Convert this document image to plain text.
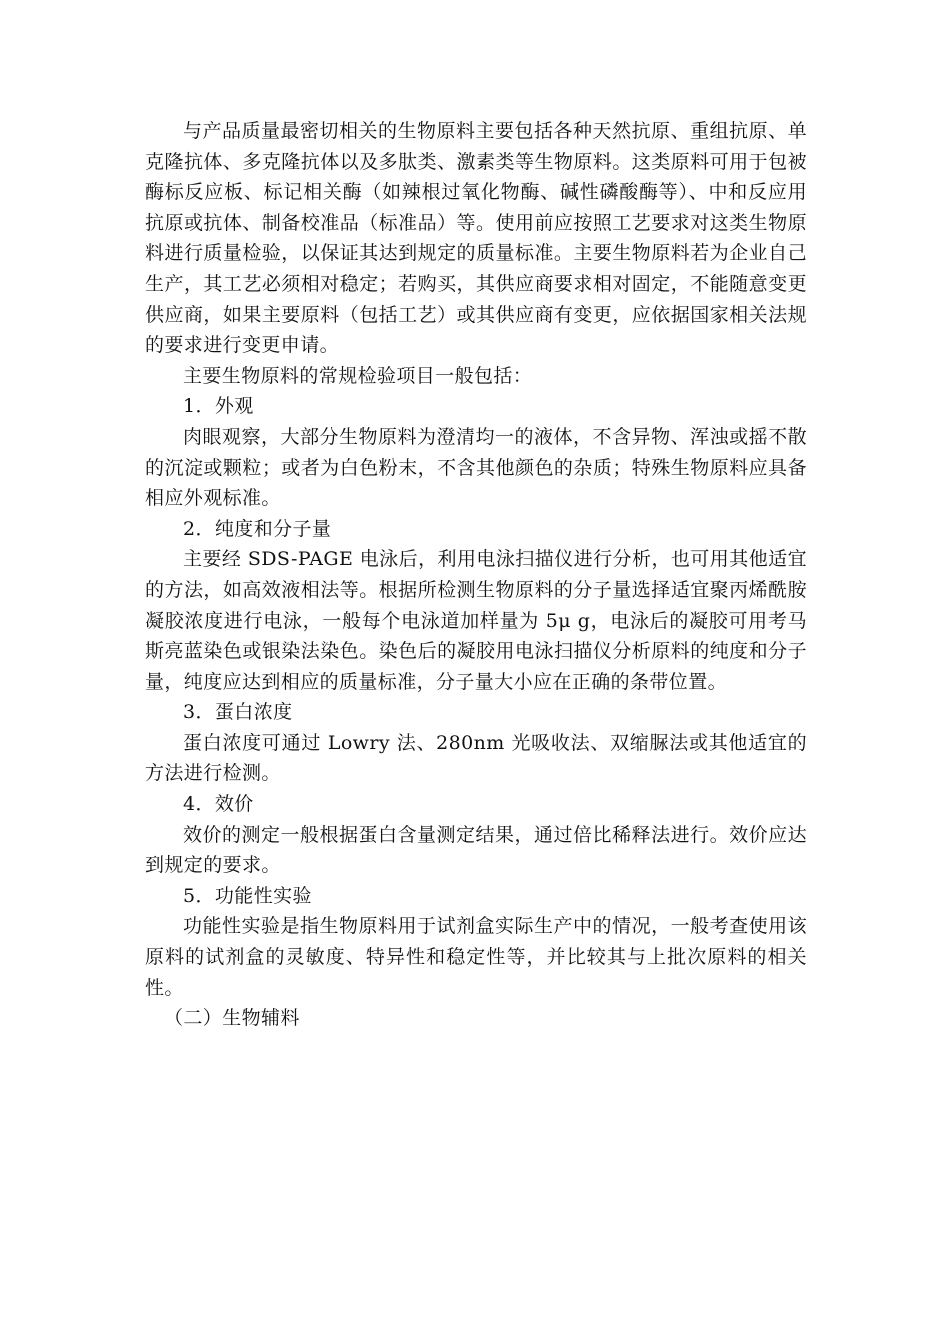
与产品质量最密切相关的生物原料主要包括各种天然抗原、重组抗原、单克隆抗体、多克隆抗体以及多肽类、激素类等生物原料。这类原料可用于包被酶标反应板、标记相关酶（如辣根过氧化物酶、碱性磷酸酶等）、中和反应用抗原或抗体、制备校准品（标准品）等。使用前应按照工艺要求对这类生物原料进行质量检验，以保证其达到规定的质量标准。主要生物原料若为企业自己生产，其工艺必须相对稳定；若购买，其供应商要求相对固定，不能随意变更供应商，如果主要原料（包括工艺）或其供应商有变更，应依据国家相关法规的要求进行变更申请。

主要生物原料的常规检验项目一般包括：

1．外观

肉眼观察，大部分生物原料为澄清均一的液体，不含异物、浑浊或摇不散的沉淀或颗粒；或者为白色粉末，不含其他颜色的杂质；特殊生物原料应具备相应外观标准。

2．纯度和分子量

主要经 SDS-PAGE 电泳后，利用电泳扫描仪进行分析，也可用其他适宜的方法，如高效液相法等。根据所检测生物原料的分子量选择适宜聚丙烯酰胺凝胶浓度进行电泳，一般每个电泳道加样量为 5μ g，电泳后的凝胶可用考马斯亮蓝染色或银染法染色。染色后的凝胶用电泳扫描仪分析原料的纯度和分子量，纯度应达到相应的质量标准，分子量大小应在正确的条带位置。

3．蛋白浓度

蛋白浓度可通过 Lowry 法、280nm 光吸收法、双缩脲法或其他适宜的方法进行检测。

4．效价

效价的测定一般根据蛋白含量测定结果，通过倍比稀释法进行。效价应达到规定的要求。

5．功能性实验

功能性实验是指生物原料用于试剂盒实际生产中的情况，一般考查使用该原料的试剂盒的灵敏度、特异性和稳定性等，并比较其与上批次原料的相关性。

（二）生物辅料
